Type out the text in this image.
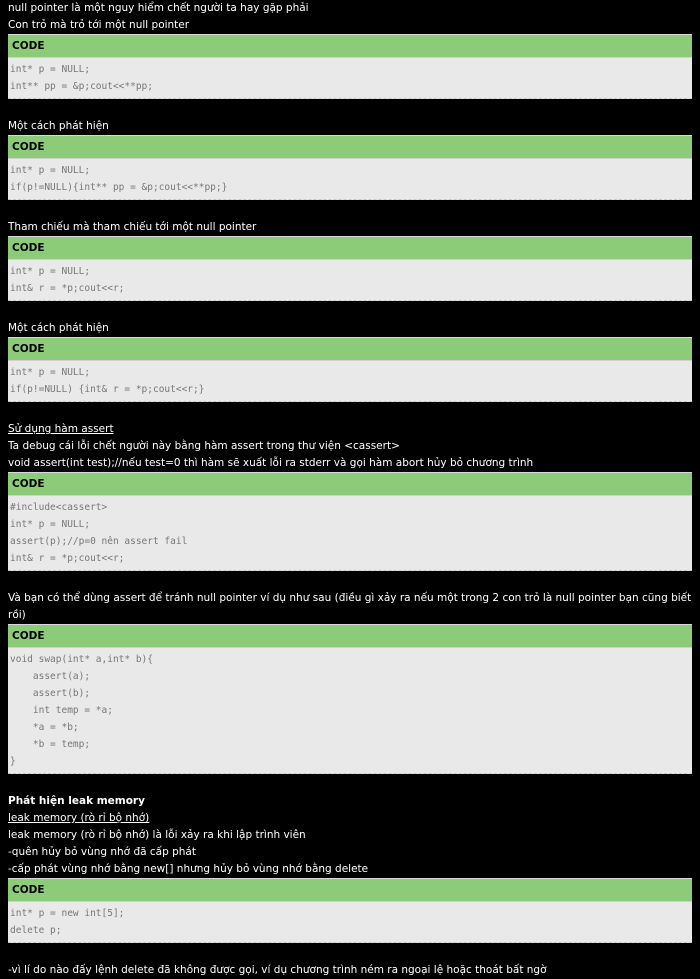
null pointer là một nguy hiểm chết người ta hay gặp phải
Con trỏ mà trỏ tới một null pointer
CODE
int* p = NULL;
int** pp = &p;cout<<**pp;
Một cách phát hiện
CODE
int* p = NULL;
if(p!=NULL){int** pp = &p;cout<<**pp;}
Tham chiếu mà tham chiếu tới một null pointer
CODE
int* p = NULL;
int& r = *p;cout<<r;
Một cách phát hiện
CODE
int* p = NULL;
if(p!=NULL) {int& r = *p;cout<<r;}
Sử dụng hàm assert
Ta debug cái lỗi chết người này bằng hàm assert trong thư viện <cassert>
void assert(int test);//nếu test=0 thì hàm sẽ xuất lỗi ra stderr và gọi hàm abort hủy bỏ chương trình
CODE
#include<cassert>
int* p = NULL;
assert(p);//p=0 nên assert fail
int& r = *p;cout<<r;
Và bạn có thể dùng assert để tránh null pointer ví dụ như sau (điều gì xảy ra nếu một trong 2 con trỏ là null pointer bạn cũng biết rồi)
CODE
void swap(int* a,int* b){
assert(a);
assert(b);
int temp = *a;
*a = *b;
*b = temp;
}
Phát hiện leak memory
leak memory (rò rỉ bộ nhớ)
leak memory (rò rỉ bộ nhớ) là lỗi xảy ra khi lập trình viên
-quên hủy bỏ vùng nhớ đã cấp phát
-cấp phát vùng nhớ bằng new[] nhưng hủy bỏ vùng nhớ bằng delete
CODE
int* p = new int[5];
delete p;
-vì lí do nào đấy lệnh delete đã không được gọi, ví dụ chương trình ném ra ngoại lệ hoặc thoát bất ngờ
